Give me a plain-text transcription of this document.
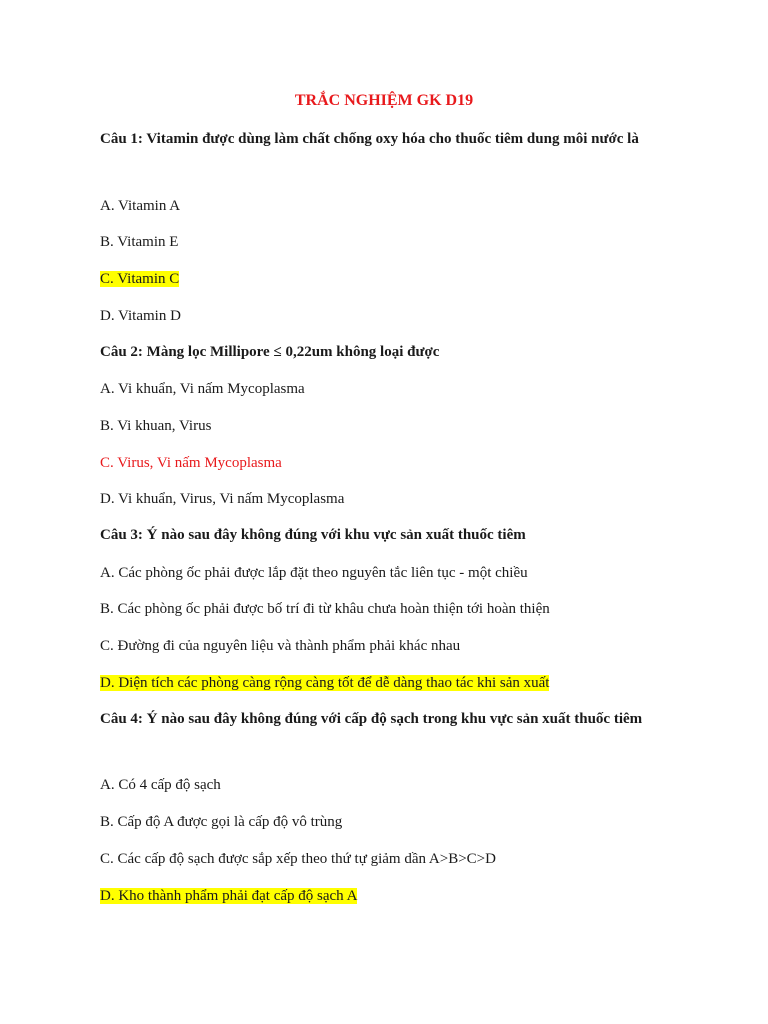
TRẮC NGHIỆM GK D19
Câu 1: Vitamin được dùng làm chất chống oxy hóa cho thuốc tiêm dung môi nước là
A. Vitamin A
B. Vitamin E
C. Vitamin C
D. Vitamin D
Câu 2: Màng lọc Millipore ≤ 0,22um không loại được
A. Vi khuẩn, Vi nấm Mycoplasma
B. Vi khuan, Virus
C. Virus, Vi nấm Mycoplasma
D. Vi khuẩn, Virus, Vi nấm Mycoplasma
Câu 3: Ý nào sau đây không đúng với khu vực sản xuất thuốc tiêm
A. Các phòng ốc phải được lắp đặt theo nguyên tắc liên tục - một chiều
B. Các phòng ốc phải được bố trí đi từ khâu chưa hoàn thiện tới hoàn thiện
C. Đường đi của nguyên liệu và thành phẩm phải khác nhau
D. Diện tích các phòng càng rộng càng tốt để dễ dàng thao tác khi sản xuất
Câu 4: Ý nào sau đây không đúng với cấp độ sạch trong khu vực sản xuất thuốc tiêm
A. Có 4 cấp độ sạch
B. Cấp độ A được gọi là cấp độ vô trùng
C. Các cấp độ sạch được sắp xếp theo thứ tự giảm dần A>B>C>D
D. Kho thành phẩm phải đạt cấp độ sạch A
